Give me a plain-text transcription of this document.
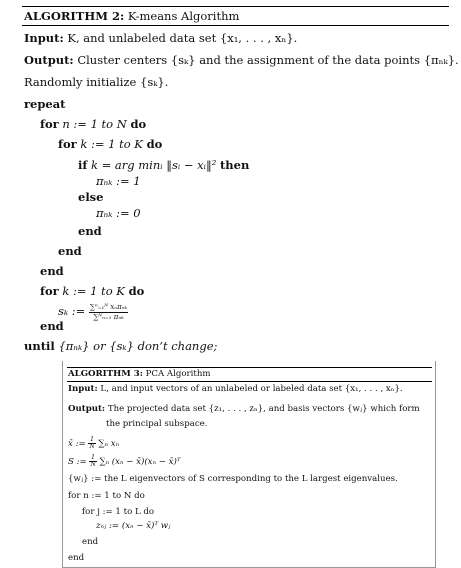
ALGORITHM 2: K-means Algorithm
Input: K, and unlabeled data set {x₁, . . . , xₙ}.
Output: Cluster centers {sₖ} and the assignment of the data points {πₙₖ}.
Randomly initialize {sₖ}.
repeat
for n := 1 to N do
for k := 1 to K do
if k = arg minᵢ ‖sᵢ − xᵢ‖² then
πₙₖ := 1
else
πₙₖ := 0
end
end
end
for k := 1 to K do
sₖ := $\frac{\text{∑ⁿ₌₁ᴺ xₙπₙₖ}}{\text{∑ᴺₙ₌₁ πₙₖ}}$
end
until {πₙₖ} or {sₖ} don’t change;
ALGORITHM 3: PCA Algorithm
Input: L, and input vectors of an unlabeled or labeled data set {x₁, . . . , xₙ}.
Output: The projected data set {z₁, . . . , zₙ}, and basis vectors {wⱼ} which form
the principal subspace.
x̄ := $\frac{1}{N} \sum_n$ xₙ
S := $\frac{1}{N} \sum_n$ (xₙ − x̄)(xₙ − x̄)ᵀ
{wⱼ} := the L eigenvectors of S corresponding to the L largest eigenvalues.
for n := 1 to N do
for j := 1 to L do
zₙⱼ := (xₙ − x̄)ᵀ wⱼ
end
end
